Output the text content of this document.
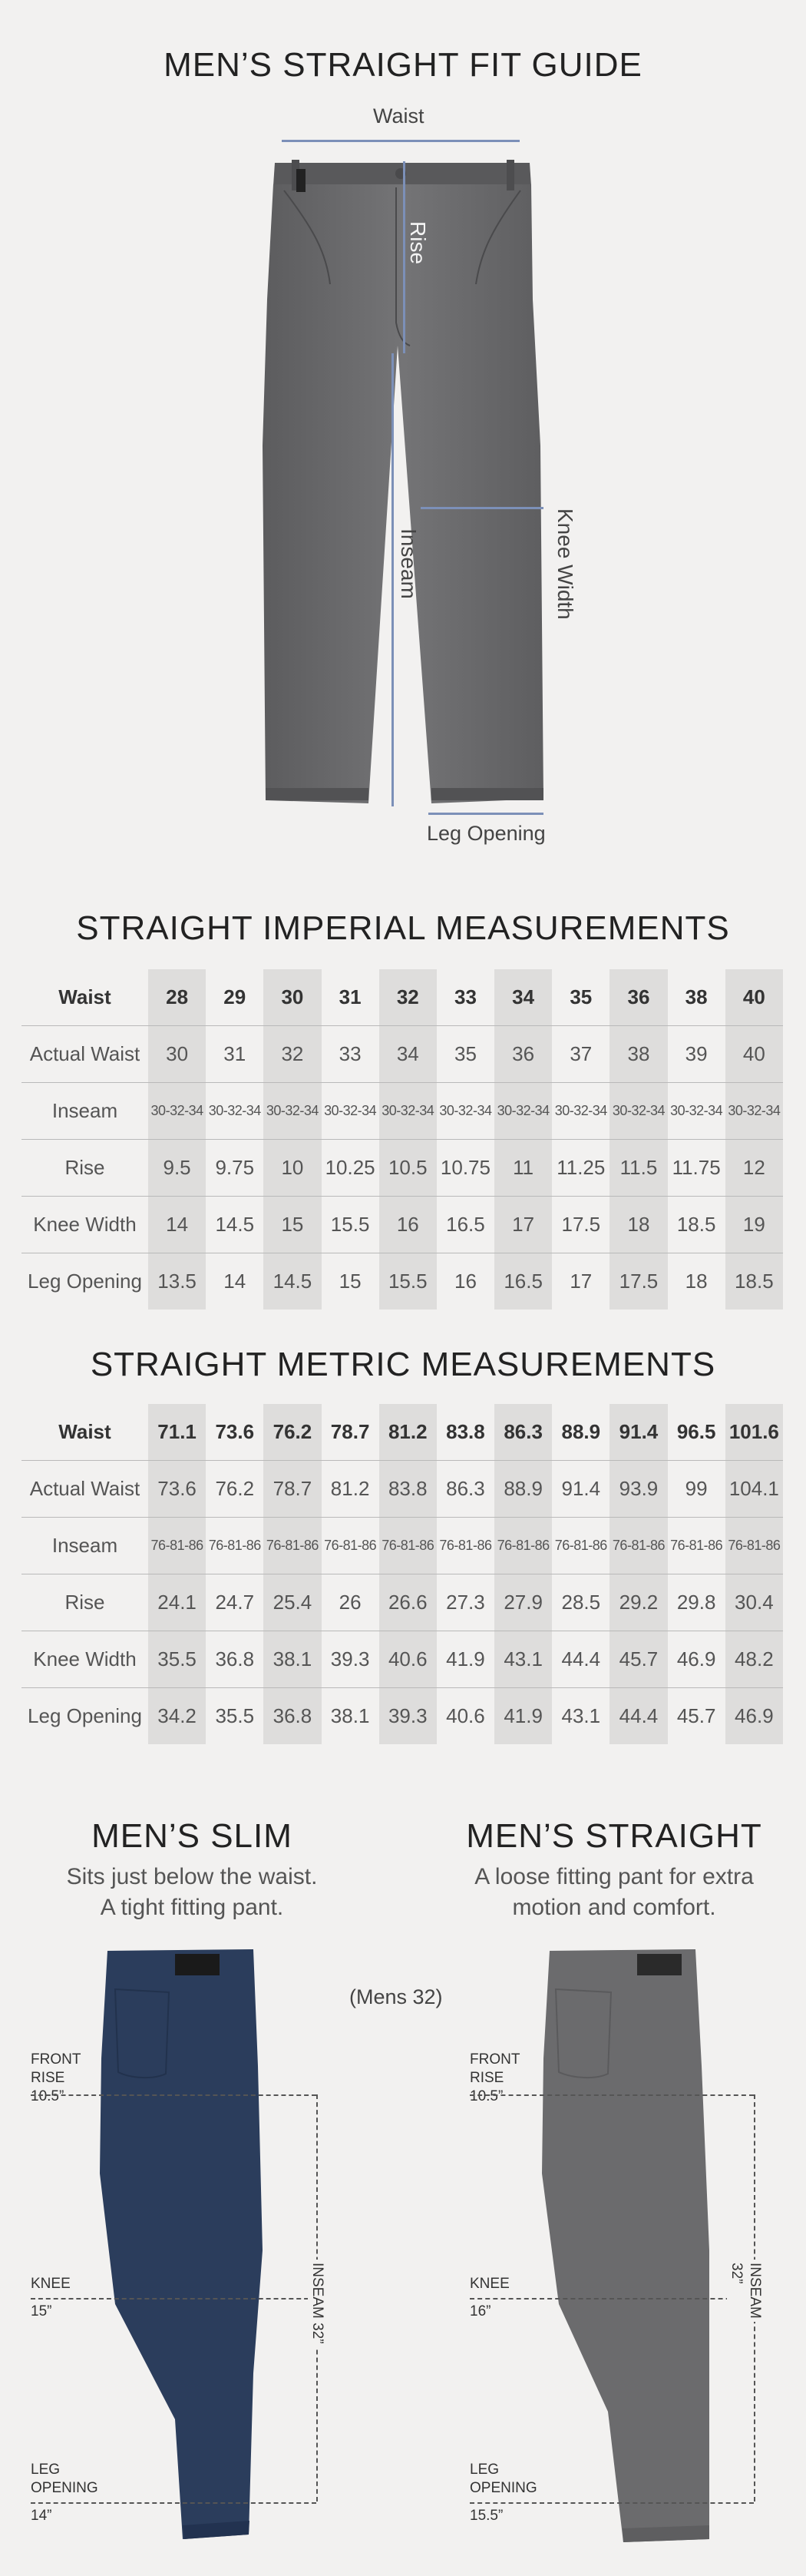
MEN’S STRAIGHT FIT GUIDE
Waist
Rise
Inseam	Knee Width
Leg Opening
STRAIGHT IMPERIAL MEASUREMENTS
Waist	28	29	30	31	32	33	34	35	36	38	40
Actual Waist	30	31	32	33	34	35	36	37	38	39	40
Inseam	30-32-34	30-32-34	30-32-34	30-32-34	30-32-34	30-32-34	30-32-34	30-32-34	30-32-34	30-32-34	30-32-34
Rise	9.5	9.75	10	10.25	10.5	10.75	11	11.25	11.5	11.75	12
Knee Width	14	14.5	15	15.5	16	16.5	17	17.5	18	18.5	19
Leg Opening	13.5	14	14.5	15	15.5	16	16.5	17	17.5	18	18.5
STRAIGHT METRIC MEASUREMENTS
Waist	71.1	73.6	76.2	78.7	81.2	83.8	86.3	88.9	91.4	96.5	101.6
Actual Waist	73.6	76.2	78.7	81.2	83.8	86.3	88.9	91.4	93.9	99	104.1
Inseam	76-81-86	76-81-86	76-81-86	76-81-86	76-81-86	76-81-86	76-81-86	76-81-86	76-81-86	76-81-86	76-81-86
Rise	24.1	24.7	25.4	26	26.6	27.3	27.9	28.5	29.2	29.8	30.4
Knee Width	35.5	36.8	38.1	39.3	40.6	41.9	43.1	44.4	45.7	46.9	48.2
Leg Opening	34.2	35.5	36.8	38.1	39.3	40.6	41.9	43.1	44.4	45.7	46.9
MEN’S SLIM
Sits just below the waist.
A tight fitting pant.
MEN’S STRAIGHT
A loose fitting pant for extra
motion and comfort.
(Mens 32)
FRONT
RISE
10.5”
KNEE
15”
LEG
OPENING
14”
INSEAM 32”
FRONT
RISE
10.5”
KNEE
16”
LEG
OPENING
15.5”
INSEAM 32”
